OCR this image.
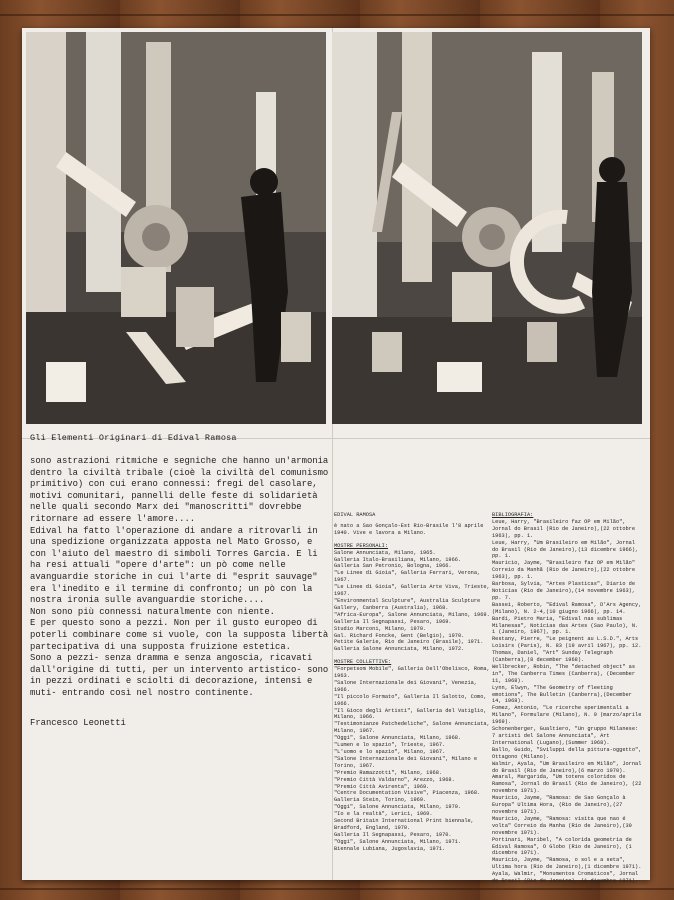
Gli Elementi Originari di Edival Ramosa

sono astrazioni ritmiche e segniche che hanno un'armonia dentro la civiltà tribale (cioè la civiltà del comunismo primitivo) con cui erano connessi: fregi del casolare, motivi comunitari, pannelli delle feste di solidarietà nelle quali secondo Marx dei "manoscritti" dovrebbe ritornare ad essere l'amore....

Edival ha fatto l'operazione di andare a ritrovarli in una spedizione organizzata apposta nel Mato Grosso, e con l'aiuto del maestro di simboli Torres Garcia. E li ha resi attuali "opere d'arte": un pò come nelle avanguardie storiche in cui l'arte di "esprit sauvage" era l'inedito e il termine di confronto; un pò con la nostra ironia sulle avanguardie storiche....

Non sono più connessi naturalmente con niente.

E per questo sono a pezzi. Non per il gusto europeo di poterli combinare come si vuole, con la supposta libertà partecipativa di una supposta fruizione estetica.

Sono a pezzi- senza dramma e senza angoscia, ricavati dall'origine di tutti, per un intervento artistico- sono in pezzi ordinati e sciolti di decorazione, intensi e muti- entrando così nel nostro continente.

Francesco Leonetti
EDIVAL RAMOSA
è nato a Sao Gonçalo-Est Rio-Brasile l'8 aprile 1940. Vive e lavora a Milano.
MOSTRE PERSONALI:
Salone Annunciata, Milano, 1965.
Galleria Italo-Brasiliana, Milano, 1966.
Galleria San Petronio, Bologna, 1966.
"Le Linee di Gioia", Galleria Ferrari, Verona, 1967.
"Le Linee di Gioia", Galleria Arte Viva, Trieste, 1967.
"Environmental Sculpture", Australia Sculpture Gallery, Canberra (Australia), 1968.
"Africa-Europa", Salone Annunciata, Milano, 1969.
Galleria Il Segnapassi, Pesaro, 1969.
Studio Marconi, Milano, 1970.
Gal. Richard Foncke, Gent (Belgio), 1970.
Petite Galerie, Rio de Janeiro (Brasile), 1971.
Galleria Salone Annunciata, Milano, 1972.
MOSTRE COLLETTIVE:
"Forpetsom Mobile", Galleria Dell'Obelisco, Roma, 1963.
"Salone Internazionale dei Giovani", Venezia, 1966.
"Il piccolo Formato", Galleria Il Salotto, Como, 1966.
"Il Gioco degli Artisti", Galleria del Vatiglio, Milano, 1966.
"Testimonianze Patchedeliche", Salone Annunciata, Milano, 1967.
"Oggi", Salone Annunciata, Milano, 1968.
"Lumen e lo spazio", Trieste, 1967.
"L'uomo e lo spazio", Milano, 1967.
"Salone Internazionale dei Giovani", Milano e Torino, 1967.
"Premio Ramazzotti", Milano, 1968.
"Premio Città Valdarno", Arezzo, 1968.
"Premio Città Avirenta", 1969.
"Centre Documentation Visive", Piacenza, 1968.
Galleria Stein, Torino, 1969.
"Oggi", Salone Annunciata, Milano, 1970.
"Io e la realtà", Lerici, 1969.
Second Britain International Print biennale, Bradford, England, 1970.
Galleria Il Segnapassi, Pesaro, 1970.
"Oggi", Salone Annunciata, Milano, 1971.
Biennale Lubiana, Jugoslavia, 1971.
BIBLIOGRAFIA:
Leue, Harry, "Brasileiro faz OP em Milão", Jornal do Brasil (Rio de Janeiro),(22 ottobre 1963), pp. 1.
Leue, Harry, "Um Brasileiro em Milão", Jornal do Brasil (Rio de Janeiro),(13 dicembre 1966), pp. 1.
Mauricio, Jayme, "Brasileiro faz OP em Milão" Correio da Manhã (Rio de Janeiro),(22 ottobre 1963), pp. 1.
Barbosa, Sylvia, "Artes Plasticas", Diario de Noticias (Rio de Janeiro),(14 novembre 1963), pp. 7.
Bassei, Roberto, "Edival Ramosa", D'Ars Agency, (Milano), N. 2-4,(10 giugno 1966), pp. 14.
Bardi, Pietro Maria, "Edival nas sublimas Milanesas", Notícias das Artes (Sao Paulo), N. 1 (Janeiro, 1967), pp. 1.
Restany, Pierre, "Le peignent au L.S.D.", Arts Loisirs (Paris), N. 83 (19 avril 1967), pp. 12.
Thomas, Daniel, "Art" Sunday Telegraph (Canberra),(8 december 1968).
Wellbrecker, Robin, "The "detached object" as in", The Canberra Times (Canberra), (December 11, 1968).
Lynn, Elwyn, "The Geometry of fleeting emotions", The Bulletin (Canberra),(December 14, 1968).
Fomez, Antonio, "Le ricerche sperimentali a Milano", Formulare (Milano), N. 9 (marzo/aprile 1969).
Schonenberger, Gualtiero, "Un gruppo Milanese: 7 artisti del Salone Annunciata", Art International (Lugano),(Summer 1968).
Ballo, Guido, "Sviluppi della pittura-oggetto", Ottagono (Milano).
Walmir, Ayala, "Um Brasileiro em Milão", Jornal do Brasil (Rio de Janeiro),(6 marzo 1970).
Amaral, Margarida, "Um totens coloridos de Ramosa", Jornal do Brasil (Rio de Janeiro), (22 novembre 1971).
Mauricio, Jayme, "Ramosa: de Sao Gonçalo à Europa" Ultima Hora, (Rio de Janeiro),(27 novembre 1971).
Mauricio, Jayme, "Ramosa: visita que nao é volta" Correio da Manha (Rio de Janeiro),(30 novembre 1971).
Portinari, Maribel, "A colorida geometria de Edival Ramosa", O Globo (Rio de Janeiro), (1 dicembre 1971).
Mauricio, Jayme, "Ramosa, o sol e a seta", Ultima hora (Rio de Janeiro),(1 dicembre 1971).
Ayala, Walmir, "Monumentos Cromaticos", Jornal do Brasil (Rio de Janeiro), (1 dicembre 1971).
